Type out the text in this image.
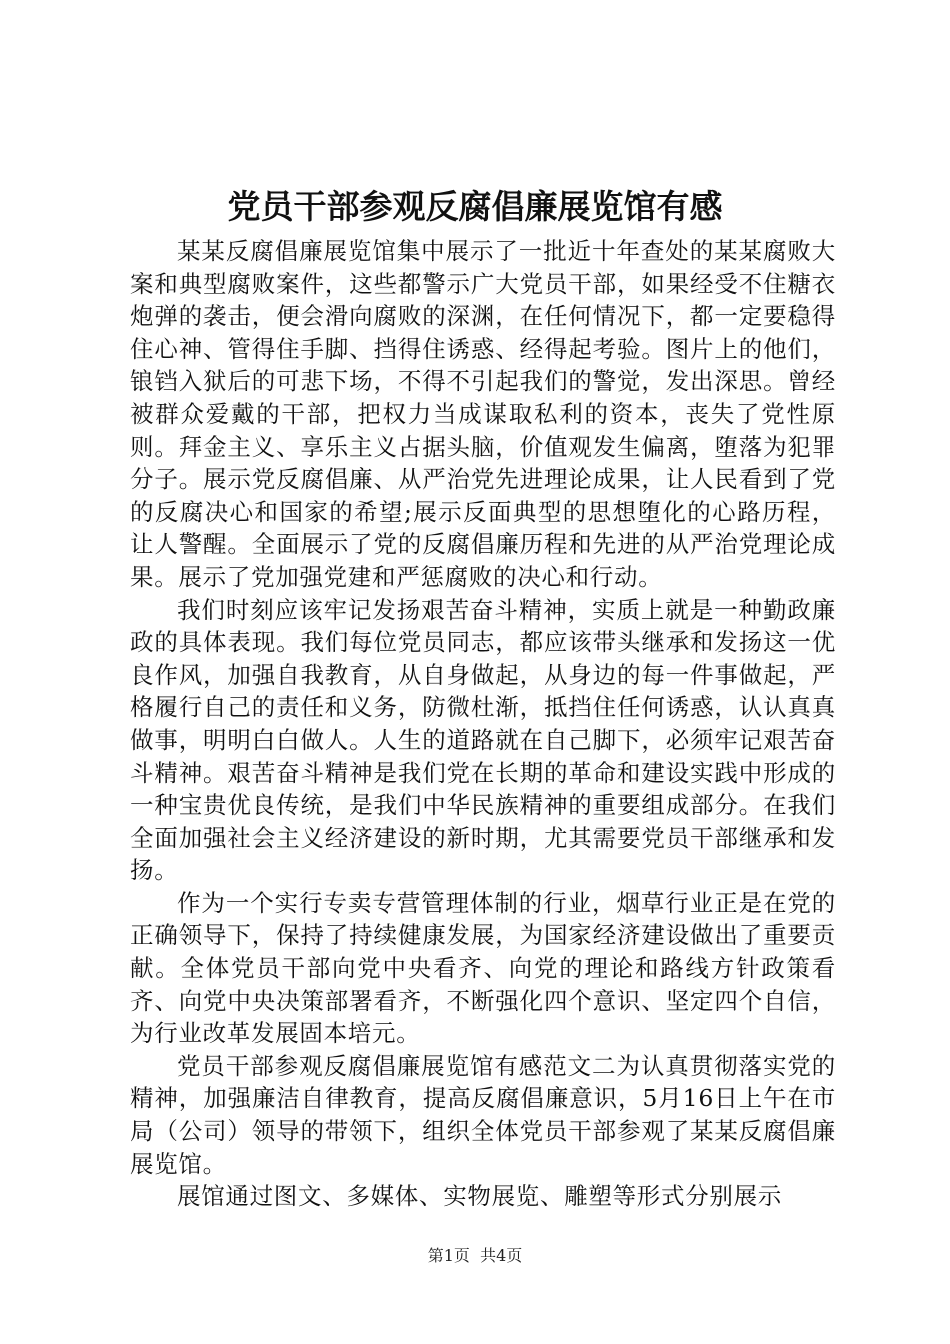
党员干部参观反腐倡廉展览馆有感

某某反腐倡廉展览馆集中展示了一批近十年查处的某某腐败大案和典型腐败案件，这些都警示广大党员干部，如果经受不住糖衣炮弹的袭击，便会滑向腐败的深渊，在任何情况下，都一定要稳得住心神、管得住手脚、挡得住诱惑、经得起考验。图片上的他们，锒铛入狱后的可悲下场，不得不引起我们的警觉，发出深思。曾经被群众爱戴的干部，把权力当成谋取私利的资本，丧失了党性原则。拜金主义、享乐主义占据头脑，价值观发生偏离，堕落为犯罪分子。展示党反腐倡廉、从严治党先进理论成果，让人民看到了党的反腐决心和国家的希望;展示反面典型的思想堕化的心路历程，让人警醒。全面展示了党的反腐倡廉历程和先进的从严治党理论成果。展示了党加强党建和严惩腐败的决心和行动。

我们时刻应该牢记发扬艰苦奋斗精神，实质上就是一种勤政廉政的具体表现。我们每位党员同志，都应该带头继承和发扬这一优良作风，加强自我教育，从自身做起，从身边的每一件事做起，严格履行自己的责任和义务，防微杜渐，抵挡住任何诱惑，认认真真做事，明明白白做人。人生的道路就在自己脚下，必须牢记艰苦奋斗精神。艰苦奋斗精神是我们党在长期的革命和建设实践中形成的一种宝贵优良传统，是我们中华民族精神的重要组成部分。在我们全面加强社会主义经济建设的新时期，尤其需要党员干部继承和发扬。

作为一个实行专卖专营管理体制的行业，烟草行业正是在党的正确领导下，保持了持续健康发展，为国家经济建设做出了重要贡献。全体党员干部向党中央看齐、向党的理论和路线方针政策看齐、向党中央决策部署看齐，不断强化四个意识、坚定四个自信，为行业改革发展固本培元。

党员干部参观反腐倡廉展览馆有感范文二为认真贯彻落实党的精神，加强廉洁自律教育，提高反腐倡廉意识，5月16日上午在市局（公司）领导的带领下，组织全体党员干部参观了某某反腐倡廉展览馆。

展馆通过图文、多媒体、实物展览、雕塑等形式分别展示

第1页 共4页
